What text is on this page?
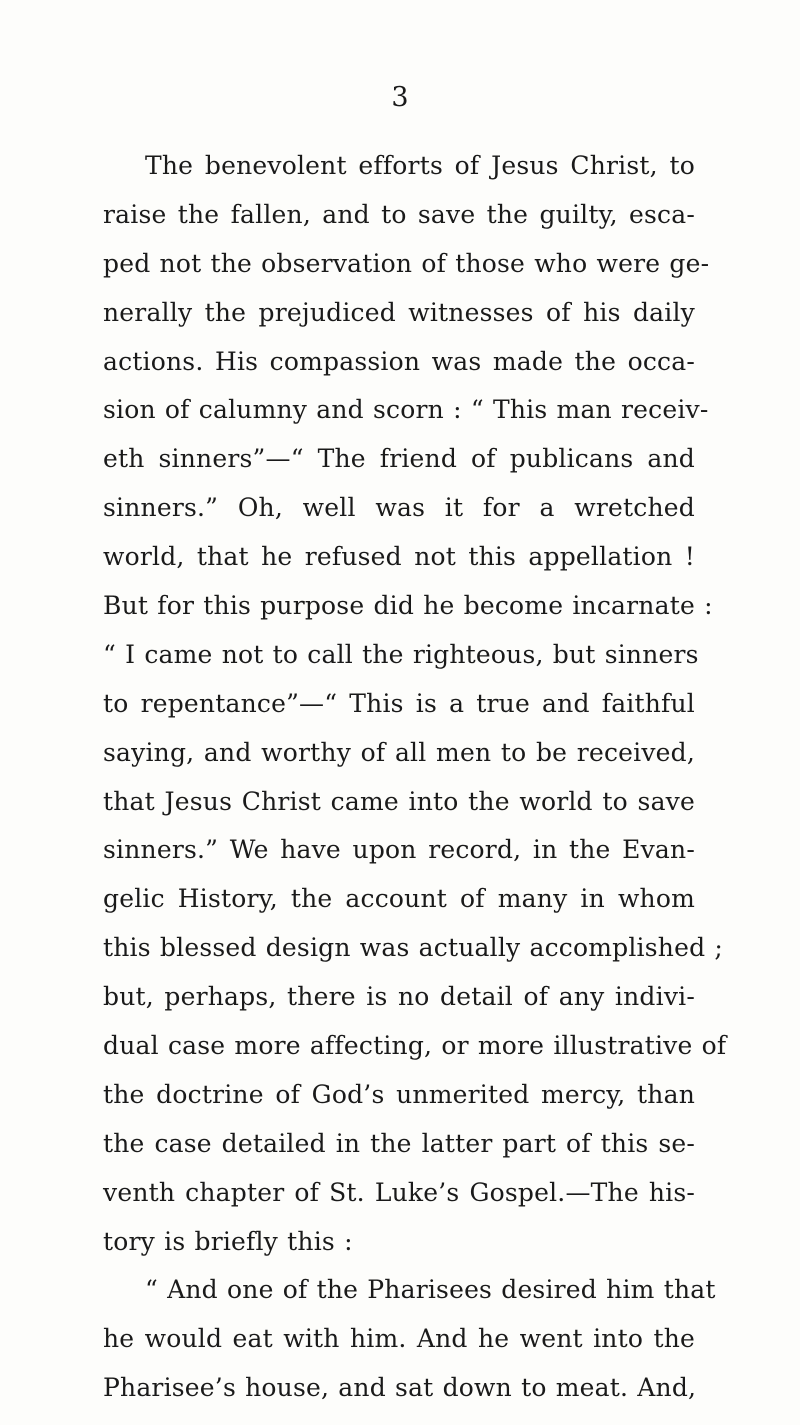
3
The benevolent efforts of Jesus Christ, to
raise the fallen, and to save the guilty, esca-
ped not the observation of those who were ge-
nerally the prejudiced witnesses of his daily
actions. His compassion was made the occa-
sion of calumny and scorn : “ This man receiv-
eth sinners”—“ The friend of publicans and
sinners.” Oh, well was it for a wretched
world, that he refused not this appellation !
But for this purpose did he become incarnate :
“ I came not to call the righteous, but sinners
to repentance”—“ This is a true and faithful
saying, and worthy of all men to be received,
that Jesus Christ came into the world to save
sinners.” We have upon record, in the Evan-
gelic History, the account of many in whom
this blessed design was actually accomplished ;
but, perhaps, there is no detail of any indivi-
dual case more affecting, or more illustrative of
the doctrine of God’s unmerited mercy, than
the case detailed in the latter part of this se-
venth chapter of St. Luke’s Gospel.—The his-
tory is briefly this :
“ And one of the Pharisees desired him that
he would eat with him. And he went into the
Pharisee’s house, and sat down to meat. And,
